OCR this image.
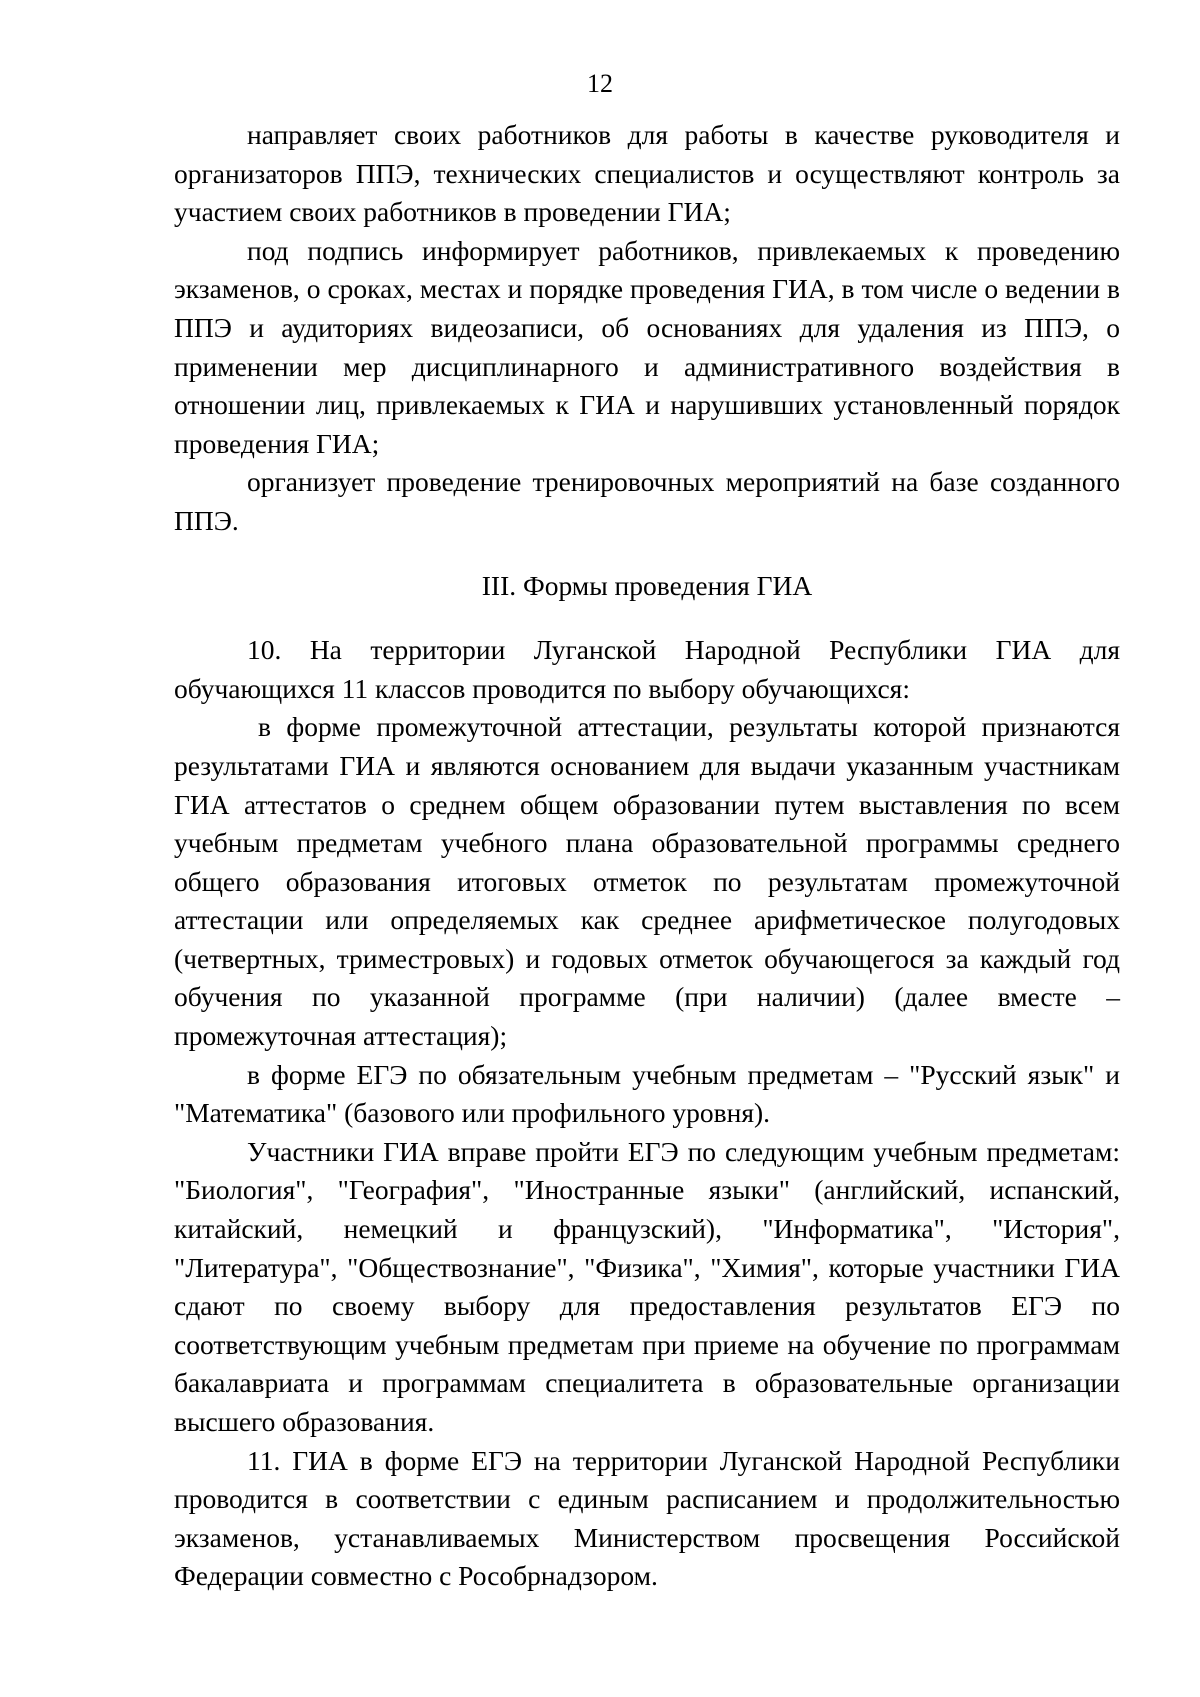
12

направляет своих работников для работы в качестве руководителя и организаторов ППЭ, технических специалистов и осуществляют контроль за участием своих работников в проведении ГИА;

под подпись информирует работников, привлекаемых к проведению экзаменов, о сроках, местах и порядке проведения ГИА, в том числе о ведении в ППЭ и аудиториях видеозаписи, об основаниях для удаления из ППЭ, о применении мер дисциплинарного и административного воздействия в отношении лиц, привлекаемых к ГИА и нарушивших установленный порядок проведения ГИА;

организует проведение тренировочных мероприятий на базе созданного ППЭ.

III. Формы проведения ГИА

10. На территории Луганской Народной Республики ГИА для обучающихся 11 классов проводится по выбору обучающихся:

в форме промежуточной аттестации, результаты которой признаются результатами ГИА и являются основанием для выдачи указанным участникам ГИА аттестатов о среднем общем образовании путем выставления по всем учебным предметам учебного плана образовательной программы среднего общего образования итоговых отметок по результатам промежуточной аттестации или определяемых как среднее арифметическое полугодовых (четвертных, триместровых) и годовых отметок обучающегося за каждый год обучения по указанной программе (при наличии) (далее вместе – промежуточная аттестация);

в форме ЕГЭ по обязательным учебным предметам – "Русский язык" и "Математика" (базового или профильного уровня).

Участники ГИА вправе пройти ЕГЭ по следующим учебным предметам: "Биология", "География", "Иностранные языки" (английский, испанский, китайский, немецкий и французский), "Информатика", "История", "Литература", "Обществознание", "Физика", "Химия", которые участники ГИА сдают по своему выбору для предоставления результатов ЕГЭ по соответствующим учебным предметам при приеме на обучение по программам бакалавриата и программам специалитета в образовательные организации высшего образования.

11. ГИА в форме ЕГЭ на территории Луганской Народной Республики проводится в соответствии с единым расписанием и продолжительностью экзаменов, устанавливаемых Министерством просвещения Российской Федерации совместно с Рособрнадзором.
